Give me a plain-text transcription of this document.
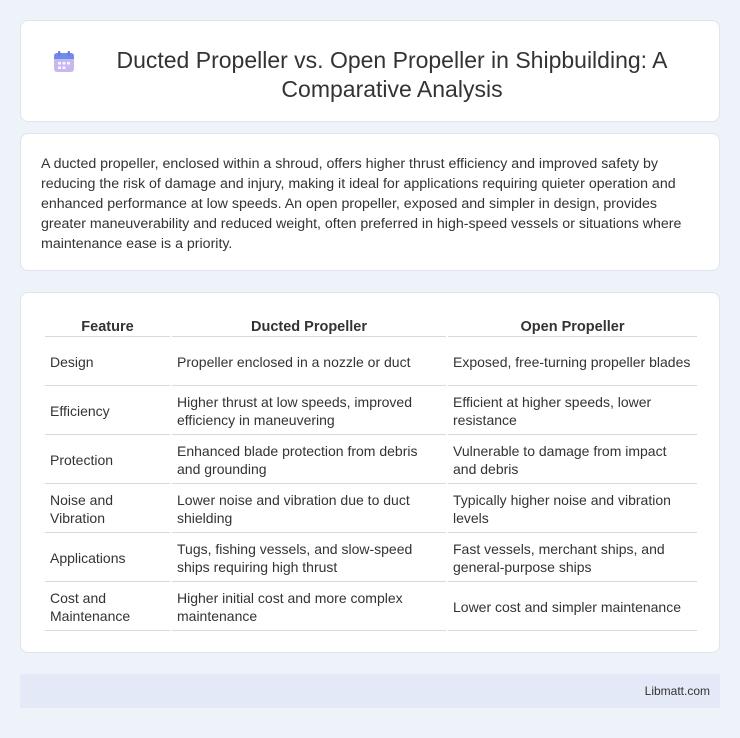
Ducted Propeller vs. Open Propeller in Shipbuilding: A Comparative Analysis

A ducted propeller, enclosed within a shroud, offers higher thrust efficiency and improved safety by reducing the risk of damage and injury, making it ideal for applications requiring quieter operation and enhanced performance at low speeds. An open propeller, exposed and simpler in design, provides greater maneuverability and reduced weight, often preferred in high-speed vessels or situations where maintenance ease is a priority.

Feature	Ducted Propeller	Open Propeller
Design	Propeller enclosed in a nozzle or duct	Exposed, free-turning propeller blades
Efficiency	Higher thrust at low speeds, improved efficiency in maneuvering	Efficient at higher speeds, lower resistance
Protection	Enhanced blade protection from debris and grounding	Vulnerable to damage from impact and debris
Noise and Vibration	Lower noise and vibration due to duct shielding	Typically higher noise and vibration levels
Applications	Tugs, fishing vessels, and slow-speed ships requiring high thrust	Fast vessels, merchant ships, and general-purpose ships
Cost and Maintenance	Higher initial cost and more complex maintenance	Lower cost and simpler maintenance
Libmatt.com
